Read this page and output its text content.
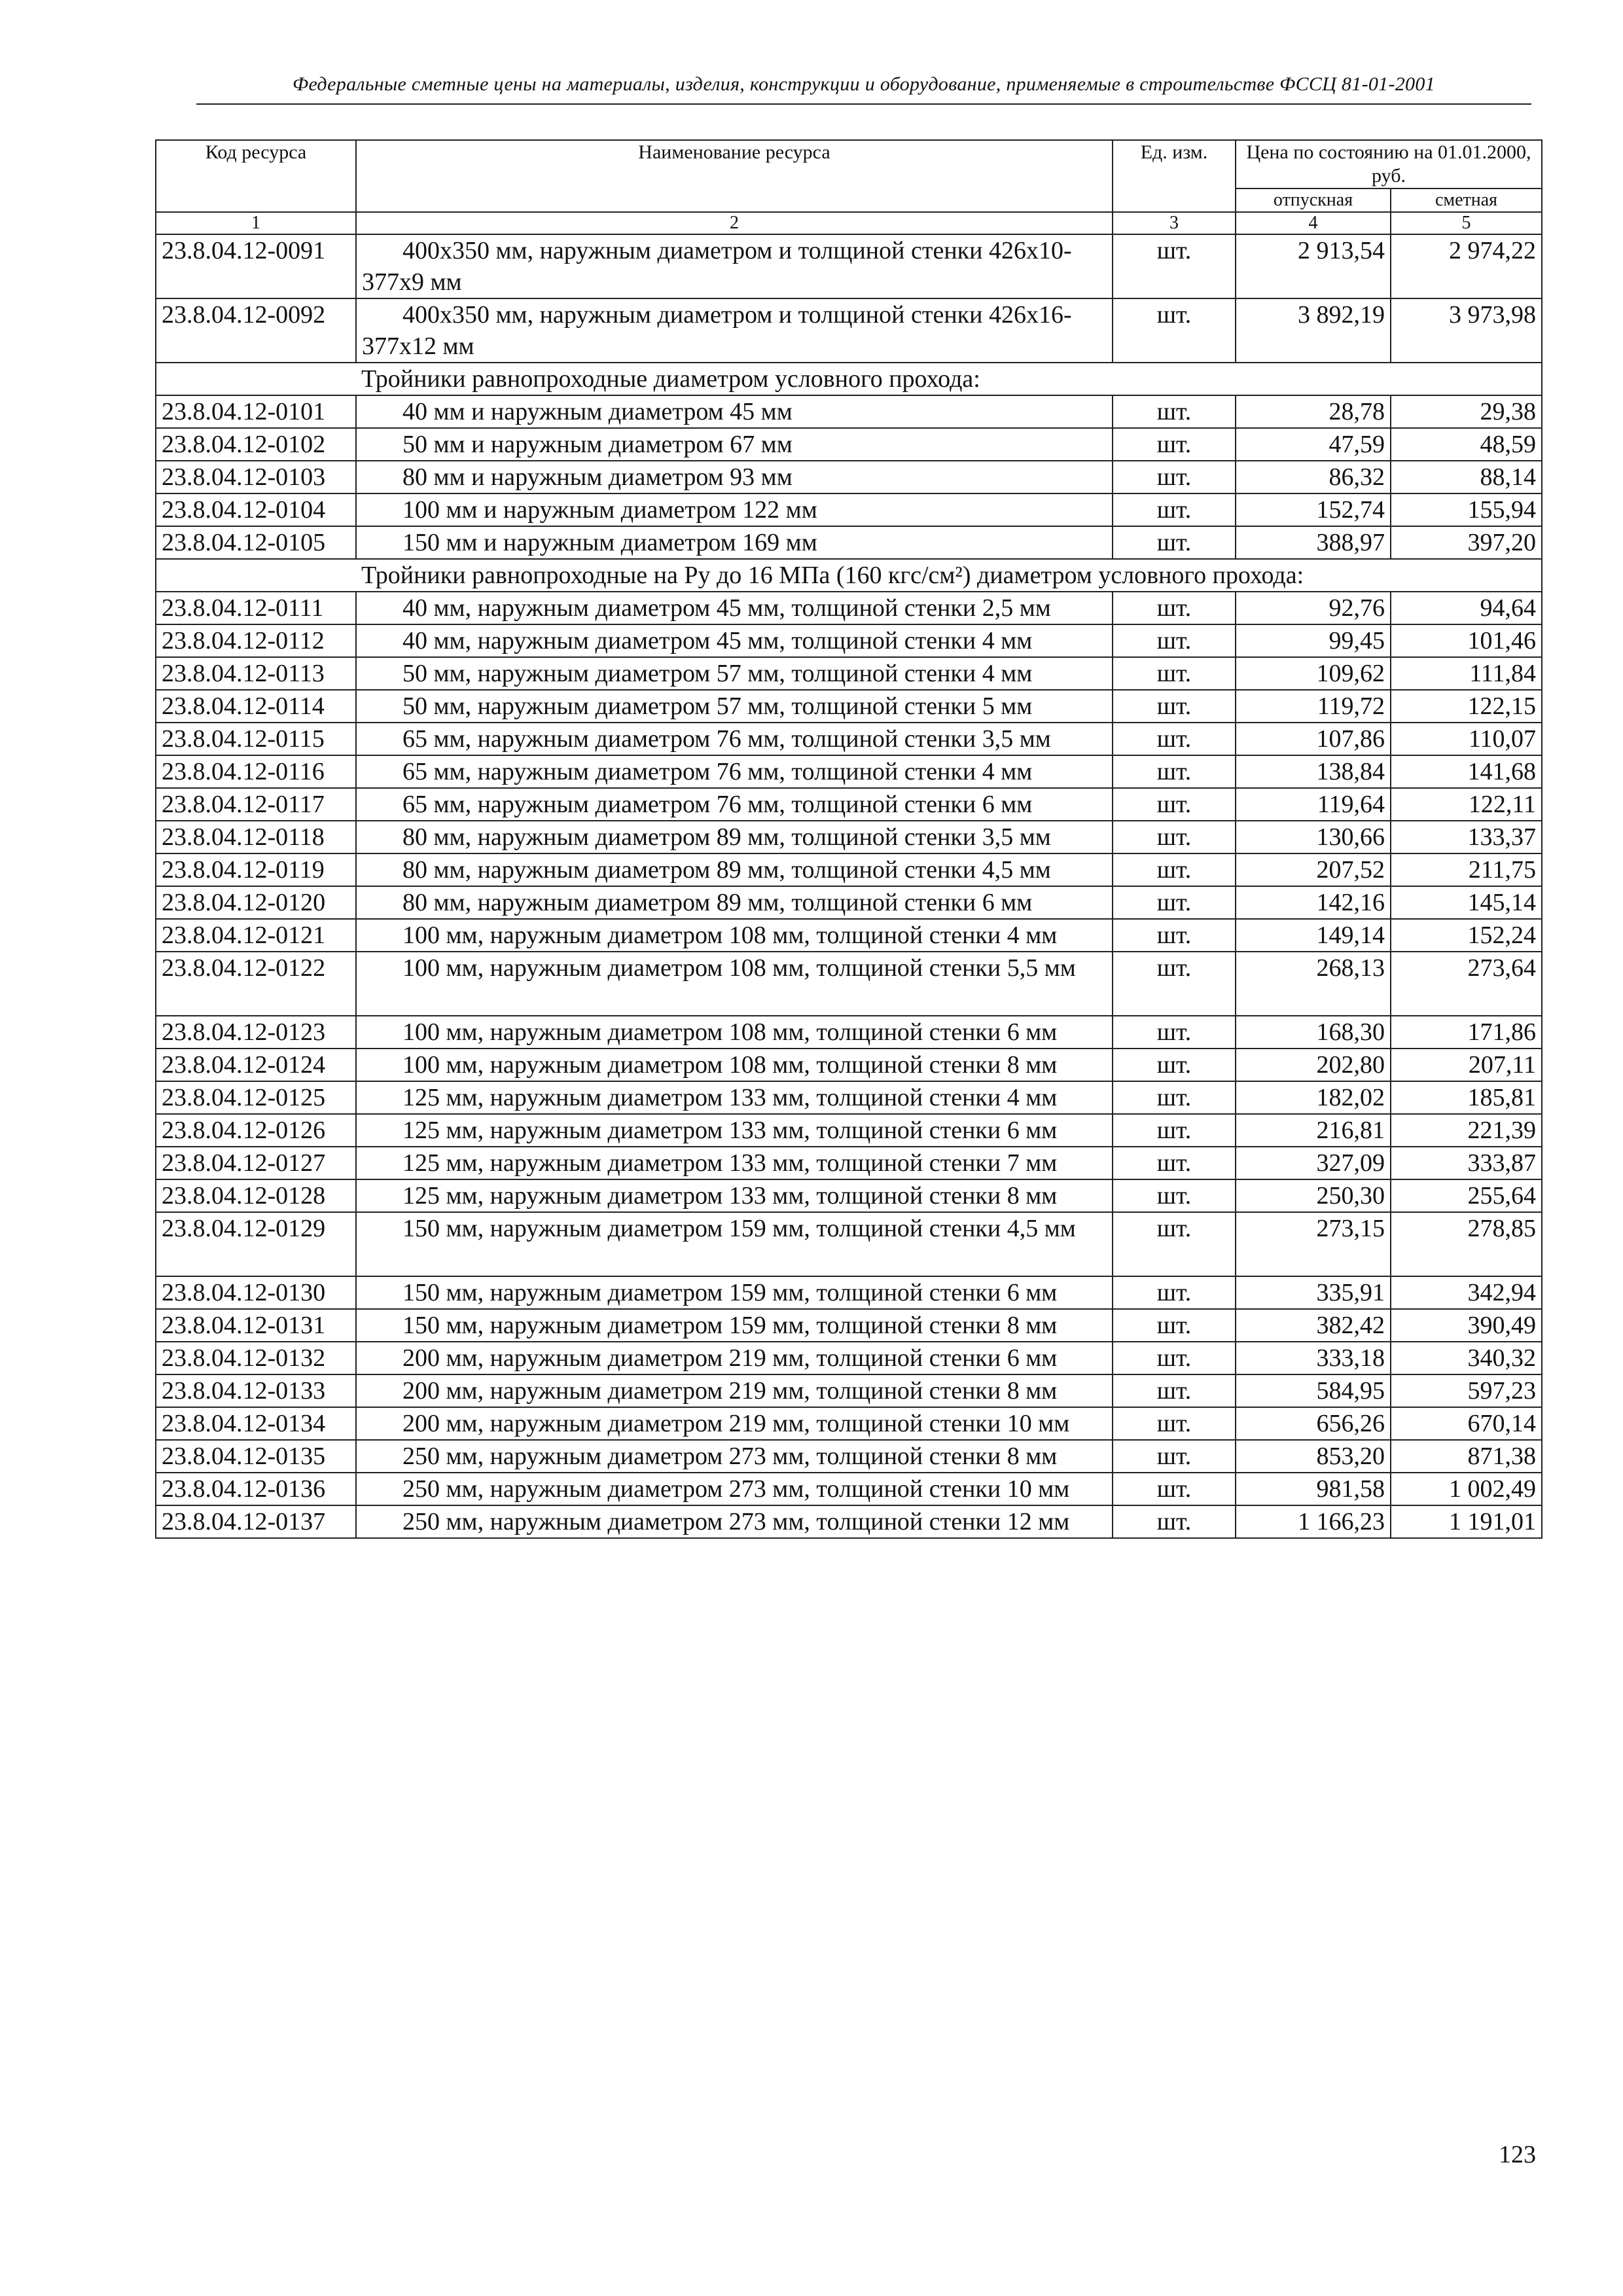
Федеральные сметные цены на материалы, изделия, конструкции и оборудование, применяемые в строительстве ФССЦ 81-01-2001
Код ресурса	Наименование ресурса	Ед. изм.	Цена по состоянию на 01.01.2000, руб.	
			отпускная	сметная
1	2	3	4	5
23.8.04.12-0091	400х350 мм, наружным диаметром и толщиной стенки 426х10- 377х9 мм	шт.	2 913,54	2 974,22
23.8.04.12-0092	400х350 мм, наружным диаметром и толщиной стенки 426х16- 377х12 мм	шт.	3 892,19	3 973,98
	Тройники равнопроходные диаметром условного прохода:			
23.8.04.12-0101	40 мм и наружным диаметром 45 мм	шт.	28,78	29,38
23.8.04.12-0102	50 мм и наружным диаметром 67 мм	шт.	47,59	48,59
23.8.04.12-0103	80 мм и наружным диаметром 93 мм	шт.	86,32	88,14
23.8.04.12-0104	100 мм и наружным диаметром 122 мм	шт.	152,74	155,94
23.8.04.12-0105	150 мм и наружным диаметром 169 мм	шт.	388,97	397,20
	Тройники равнопроходные на Ру до 16 МПа (160 кгс/см²) диаметром условного прохода:			
23.8.04.12-0111	40 мм, наружным диаметром 45 мм, толщиной стенки 2,5 мм	шт.	92,76	94,64
23.8.04.12-0112	40 мм, наружным диаметром 45 мм, толщиной стенки 4 мм	шт.	99,45	101,46
23.8.04.12-0113	50 мм, наружным диаметром 57 мм, толщиной стенки 4 мм	шт.	109,62	111,84
23.8.04.12-0114	50 мм, наружным диаметром 57 мм, толщиной стенки 5 мм	шт.	119,72	122,15
23.8.04.12-0115	65 мм, наружным диаметром 76 мм, толщиной стенки 3,5 мм	шт.	107,86	110,07
23.8.04.12-0116	65 мм, наружным диаметром 76 мм, толщиной стенки 4 мм	шт.	138,84	141,68
23.8.04.12-0117	65 мм, наружным диаметром 76 мм, толщиной стенки 6 мм	шт.	119,64	122,11
23.8.04.12-0118	80 мм, наружным диаметром 89 мм, толщиной стенки 3,5 мм	шт.	130,66	133,37
23.8.04.12-0119	80 мм, наружным диаметром 89 мм, толщиной стенки 4,5 мм	шт.	207,52	211,75
23.8.04.12-0120	80 мм, наружным диаметром 89 мм, толщиной стенки 6 мм	шт.	142,16	145,14
23.8.04.12-0121	100 мм, наружным диаметром 108 мм, толщиной стенки 4 мм	шт.	149,14	152,24
23.8.04.12-0122	100 мм, наружным диаметром 108 мм, толщиной стенки 5,5 мм	шт.	268,13	273,64
23.8.04.12-0123	100 мм, наружным диаметром 108 мм, толщиной стенки 6 мм	шт.	168,30	171,86
23.8.04.12-0124	100 мм, наружным диаметром 108 мм, толщиной стенки 8 мм	шт.	202,80	207,11
23.8.04.12-0125	125 мм, наружным диаметром 133 мм, толщиной стенки 4 мм	шт.	182,02	185,81
23.8.04.12-0126	125 мм, наружным диаметром 133 мм, толщиной стенки 6 мм	шт.	216,81	221,39
23.8.04.12-0127	125 мм, наружным диаметром 133 мм, толщиной стенки 7 мм	шт.	327,09	333,87
23.8.04.12-0128	125 мм, наружным диаметром 133 мм, толщиной стенки 8 мм	шт.	250,30	255,64
23.8.04.12-0129	150 мм, наружным диаметром 159 мм, толщиной стенки 4,5 мм	шт.	273,15	278,85
23.8.04.12-0130	150 мм, наружным диаметром 159 мм, толщиной стенки 6 мм	шт.	335,91	342,94
23.8.04.12-0131	150 мм, наружным диаметром 159 мм, толщиной стенки 8 мм	шт.	382,42	390,49
23.8.04.12-0132	200 мм, наружным диаметром 219 мм, толщиной стенки 6 мм	шт.	333,18	340,32
23.8.04.12-0133	200 мм, наружным диаметром 219 мм, толщиной стенки 8 мм	шт.	584,95	597,23
23.8.04.12-0134	200 мм, наружным диаметром 219 мм, толщиной стенки 10 мм	шт.	656,26	670,14
23.8.04.12-0135	250 мм, наружным диаметром 273 мм, толщиной стенки 8 мм	шт.	853,20	871,38
23.8.04.12-0136	250 мм, наружным диаметром 273 мм, толщиной стенки 10 мм	шт.	981,58	1 002,49
23.8.04.12-0137	250 мм, наружным диаметром 273 мм, толщиной стенки 12 мм	шт.	1 166,23	1 191,01
123
